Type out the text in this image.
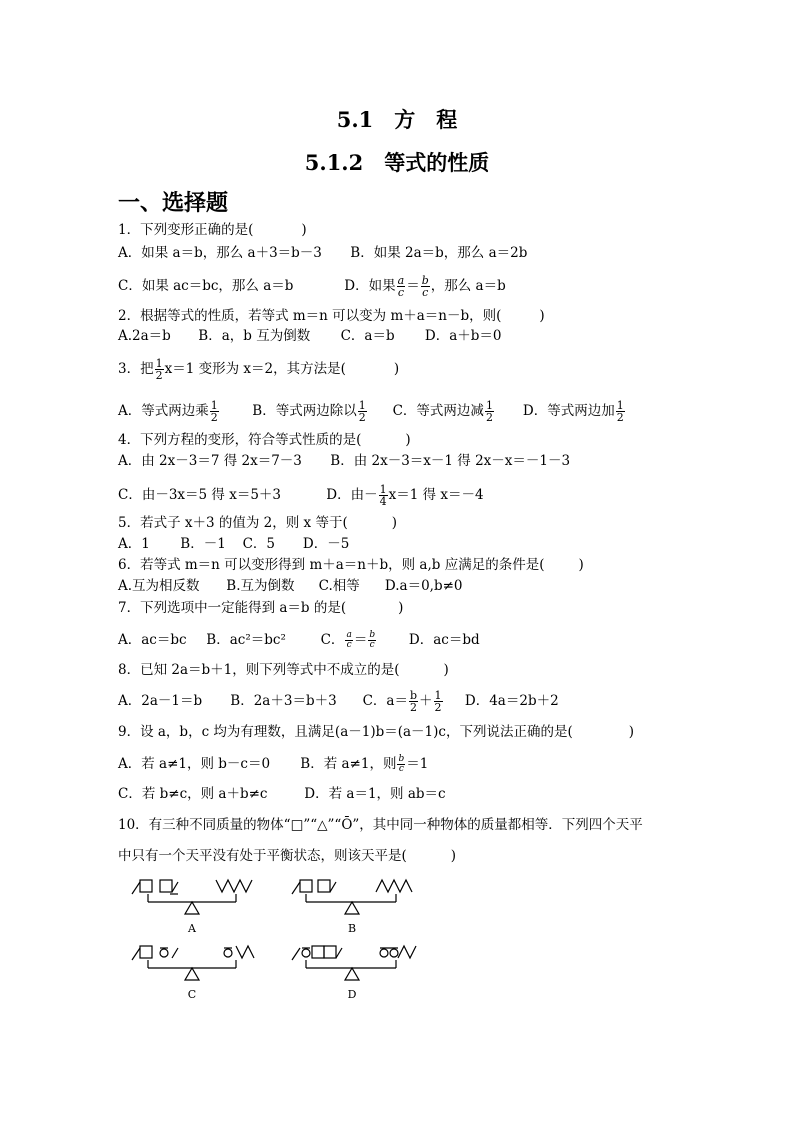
5.1　方　程
5.1.2　等式的性质
一、选择题
1．下列变形正确的是(	)
A．如果 a＝b，那么 a＋3＝b－3 B．如果 2a＝b，那么 a＝2b
C．如果 ac＝bc，那么 a＝b	D．如果 $\frac{a}{c} = \frac{b}{c}$ ，那么 a＝b
2．根据等式的性质，若等式 m＝n 可以变为 m＋a＝n－b，则(	)
A.2a＝b B．a，b 互为倒数 C．a＝b D．a＋b＝0
3．把 $\frac{1}{2} x=1$ 变形为 x＝2，其方法是(	)
A．等式两边乘 $\frac{1}{2}$ B．等式两边除以 $\frac{1}{2}$ C．等式两边减 $\frac{1}{2}$ D．等式两边加 $\frac{1}{2}$
4．下列方程的变形，符合等式性质的是(	)
A．由 2x－3＝7 得 2x＝7－3 B．由 2x－3＝x－1 得 2x－x＝－1－3
C．由－3x＝5 得 x＝5＋3	D．由－ $\frac{1}{4} x=1$ 得 x＝－4
5．若式子 x＋3 的值为 2，则 x 等于(	)
A．1 B．－1 C．5 D．－5
6．若等式 m＝n 可以变形得到 m＋a＝n＋b，则 a,b 应满足的条件是(	)
A.互为相反数 B.互为倒数 C.相等 D.a＝0,b≠0
7．下列选项中一定能得到 a＝b 的是(	)
A．ac＝bc B．ac²＝bc²	C． $\frac{a}{c} = \frac{b}{c}$ D．ac＝bd
8．已知 2a＝b＋1，则下列等式中不成立的是(	)
A．2a－1＝b B．2a＋3＝b＋3 C．$a= \frac{b}{2} + \frac{1}{2}$ D．4a＝2b＋2
9．设 a，b，c 均为有理数，且满足(a－1)b＝(a－1)c，下列说法正确的是(	)
A．若 a≠1，则 b－c＝0 B．若 a≠1，则 $\frac{b}{c} =1$
C．若 b≠c，则 a＋b≠c	D．若 a＝1，则 ab＝c
10．有三种不同质量的物体“□”“△”“Ō”，其中同一种物体的质量都相等．下列四个天平
中只有一个天平没有处于平衡状态，则该天平是(	)
A	B
C	D
